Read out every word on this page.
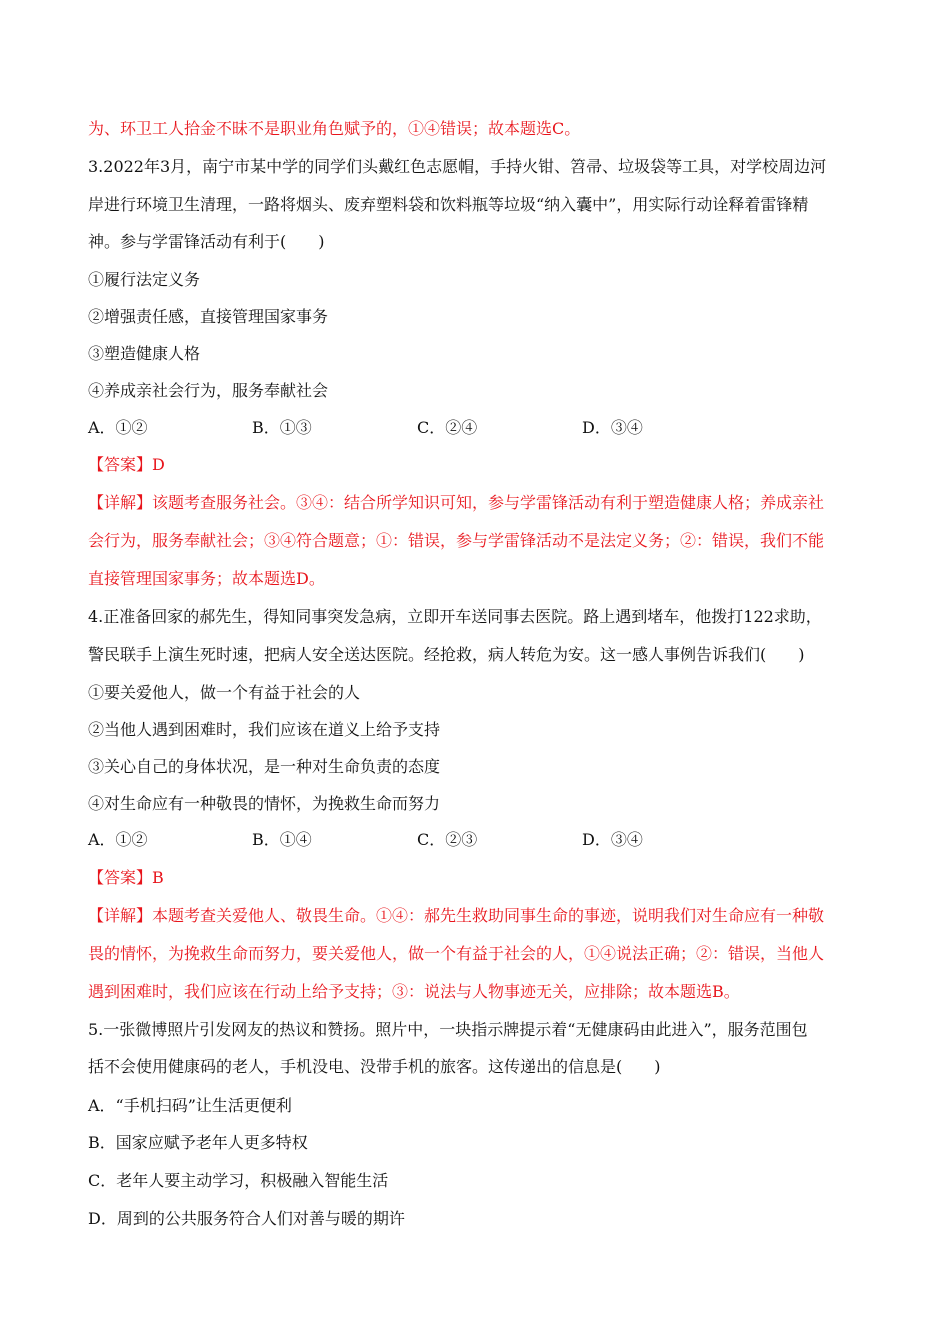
为、环卫工人拾金不昧不是职业角色赋予的，①④错误；故本题选C。
3.2022年3月，南宁市某中学的同学们头戴红色志愿帽，手持火钳、笤帚、垃圾袋等工具，对学校周边河
岸进行环境卫生清理，一路将烟头、废弃塑料袋和饮料瓶等垃圾“纳入囊中”，用实际行动诠释着雷锋精
神。参与学雷锋活动有利于(　　)
①履行法定义务
②增强责任感，直接管理国家事务
③塑造健康人格
④养成亲社会行为，服务奉献社会
A．①②	B．①③	C．②④	D．③④
【答案】D
【详解】该题考查服务社会。③④：结合所学知识可知，参与学雷锋活动有利于塑造健康人格；养成亲社
会行为，服务奉献社会；③④符合题意；①：错误，参与学雷锋活动不是法定义务；②：错误，我们不能
直接管理国家事务；故本题选D。
4.正准备回家的郝先生，得知同事突发急病，立即开车送同事去医院。路上遇到堵车，他拨打122求助，
警民联手上演生死时速，把病人安全送达医院。经抢救，病人转危为安。这一感人事例告诉我们(　　)
①要关爱他人，做一个有益于社会的人
②当他人遇到困难时，我们应该在道义上给予支持
③关心自己的身体状况，是一种对生命负责的态度
④对生命应有一种敬畏的情怀，为挽救生命而努力
A．①②	B．①④	C．②③	D．③④
【答案】B
【详解】本题考查关爱他人、敬畏生命。①④：郝先生救助同事生命的事迹，说明我们对生命应有一种敬
畏的情怀，为挽救生命而努力，要关爱他人，做一个有益于社会的人，①④说法正确；②：错误，当他人
遇到困难时，我们应该在行动上给予支持；③：说法与人物事迹无关，应排除；故本题选B。
5.一张微博照片引发网友的热议和赞扬。照片中，一块指示牌提示着“无健康码由此进入”，服务范围包
括不会使用健康码的老人，手机没电、没带手机的旅客。这传递出的信息是(　　)
A．“手机扫码”让生活更便利
B．国家应赋予老年人更多特权
C．老年人要主动学习，积极融入智能生活
D．周到的公共服务符合人们对善与暖的期许
